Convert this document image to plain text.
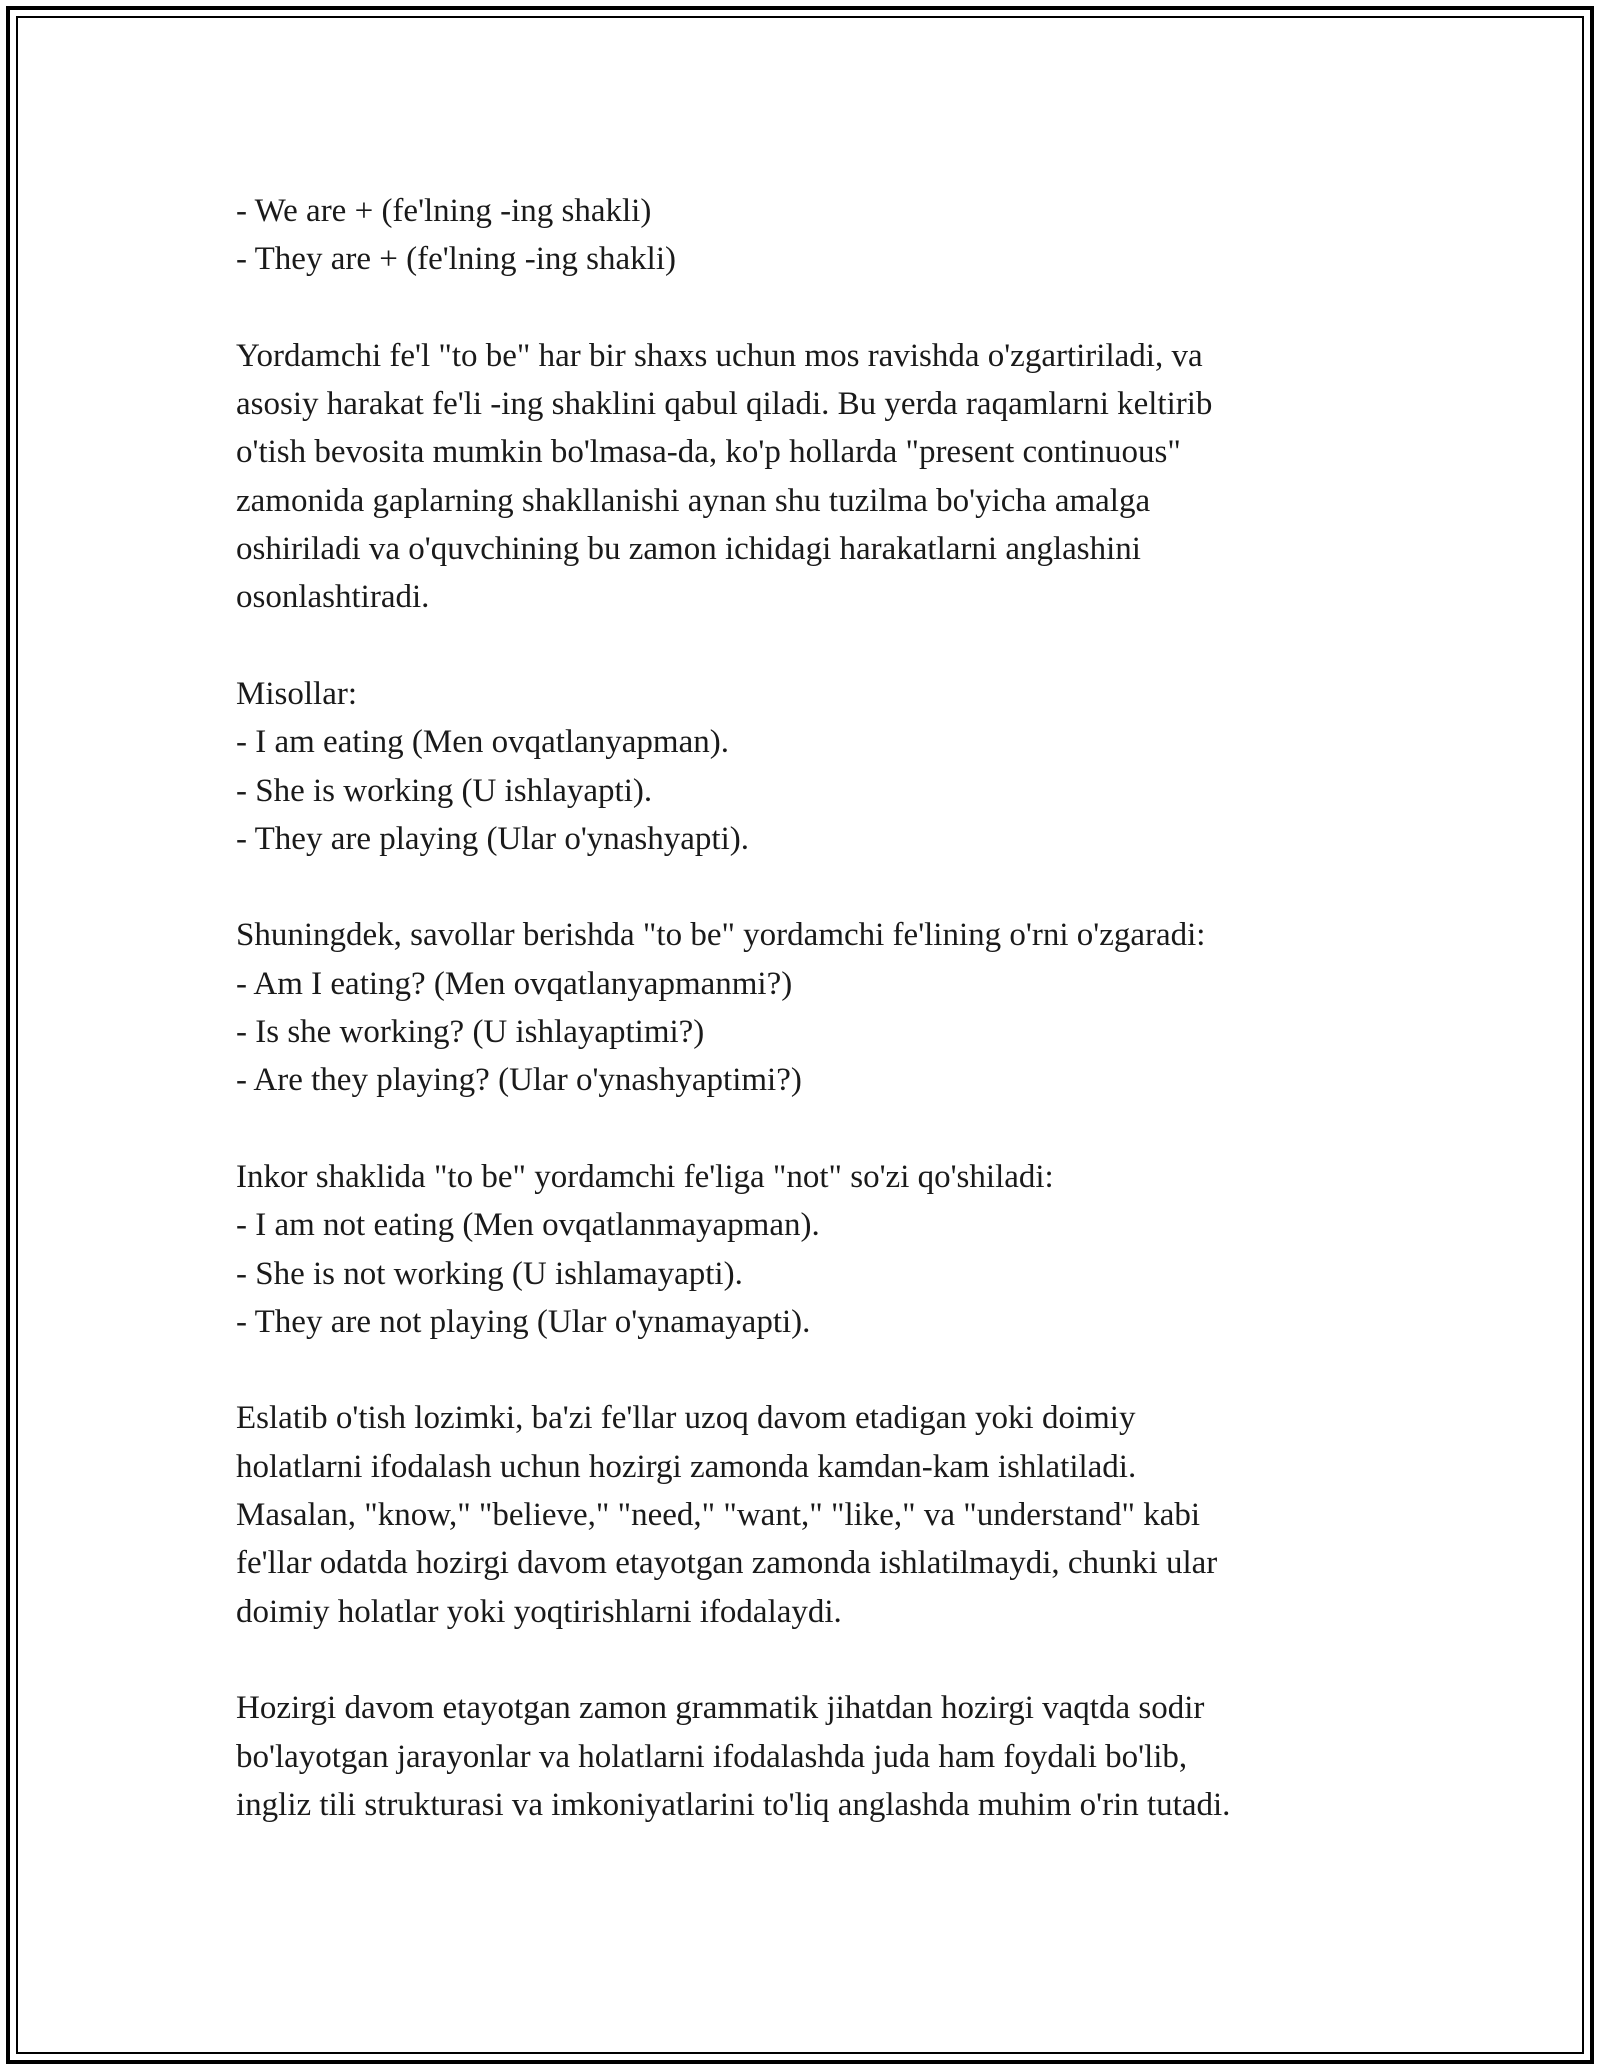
- We are + (fe'lning -ing shakli)
- They are + (fe'lning -ing shakli)
Yordamchi fe'l "to be" har bir shaxs uchun mos ravishda o'zgartiriladi, va
asosiy harakat fe'li -ing shaklini qabul qiladi. Bu yerda raqamlarni keltirib
o'tish bevosita mumkin bo'lmasa-da, ko'p hollarda "present continuous"
zamonida gaplarning shakllanishi aynan shu tuzilma bo'yicha amalga
oshiriladi va o'quvchining bu zamon ichidagi harakatlarni anglashini
osonlashtiradi.
Misollar:
- I am eating (Men ovqatlanyapman).
- She is working (U ishlayapti).
- They are playing (Ular o'ynashyapti).
Shuningdek, savollar berishda "to be" yordamchi fe'lining o'rni o'zgaradi:
- Am I eating? (Men ovqatlanyapmanmi?)
- Is she working? (U ishlayaptimi?)
- Are they playing? (Ular o'ynashyaptimi?)
Inkor shaklida "to be" yordamchi fe'liga "not" so'zi qo'shiladi:
- I am not eating (Men ovqatlanmayapman).
- She is not working (U ishlamayapti).
- They are not playing (Ular o'ynamayapti).
Eslatib o'tish lozimki, ba'zi fe'llar uzoq davom etadigan yoki doimiy
holatlarni ifodalash uchun hozirgi zamonda kamdan-kam ishlatiladi.
Masalan, "know," "believe," "need," "want," "like," va "understand" kabi
fe'llar odatda hozirgi davom etayotgan zamonda ishlatilmaydi, chunki ular
doimiy holatlar yoki yoqtirishlarni ifodalaydi.
Hozirgi davom etayotgan zamon grammatik jihatdan hozirgi vaqtda sodir
bo'layotgan jarayonlar va holatlarni ifodalashda juda ham foydali bo'lib,
ingliz tili strukturasi va imkoniyatlarini to'liq anglashda muhim o'rin tutadi.
